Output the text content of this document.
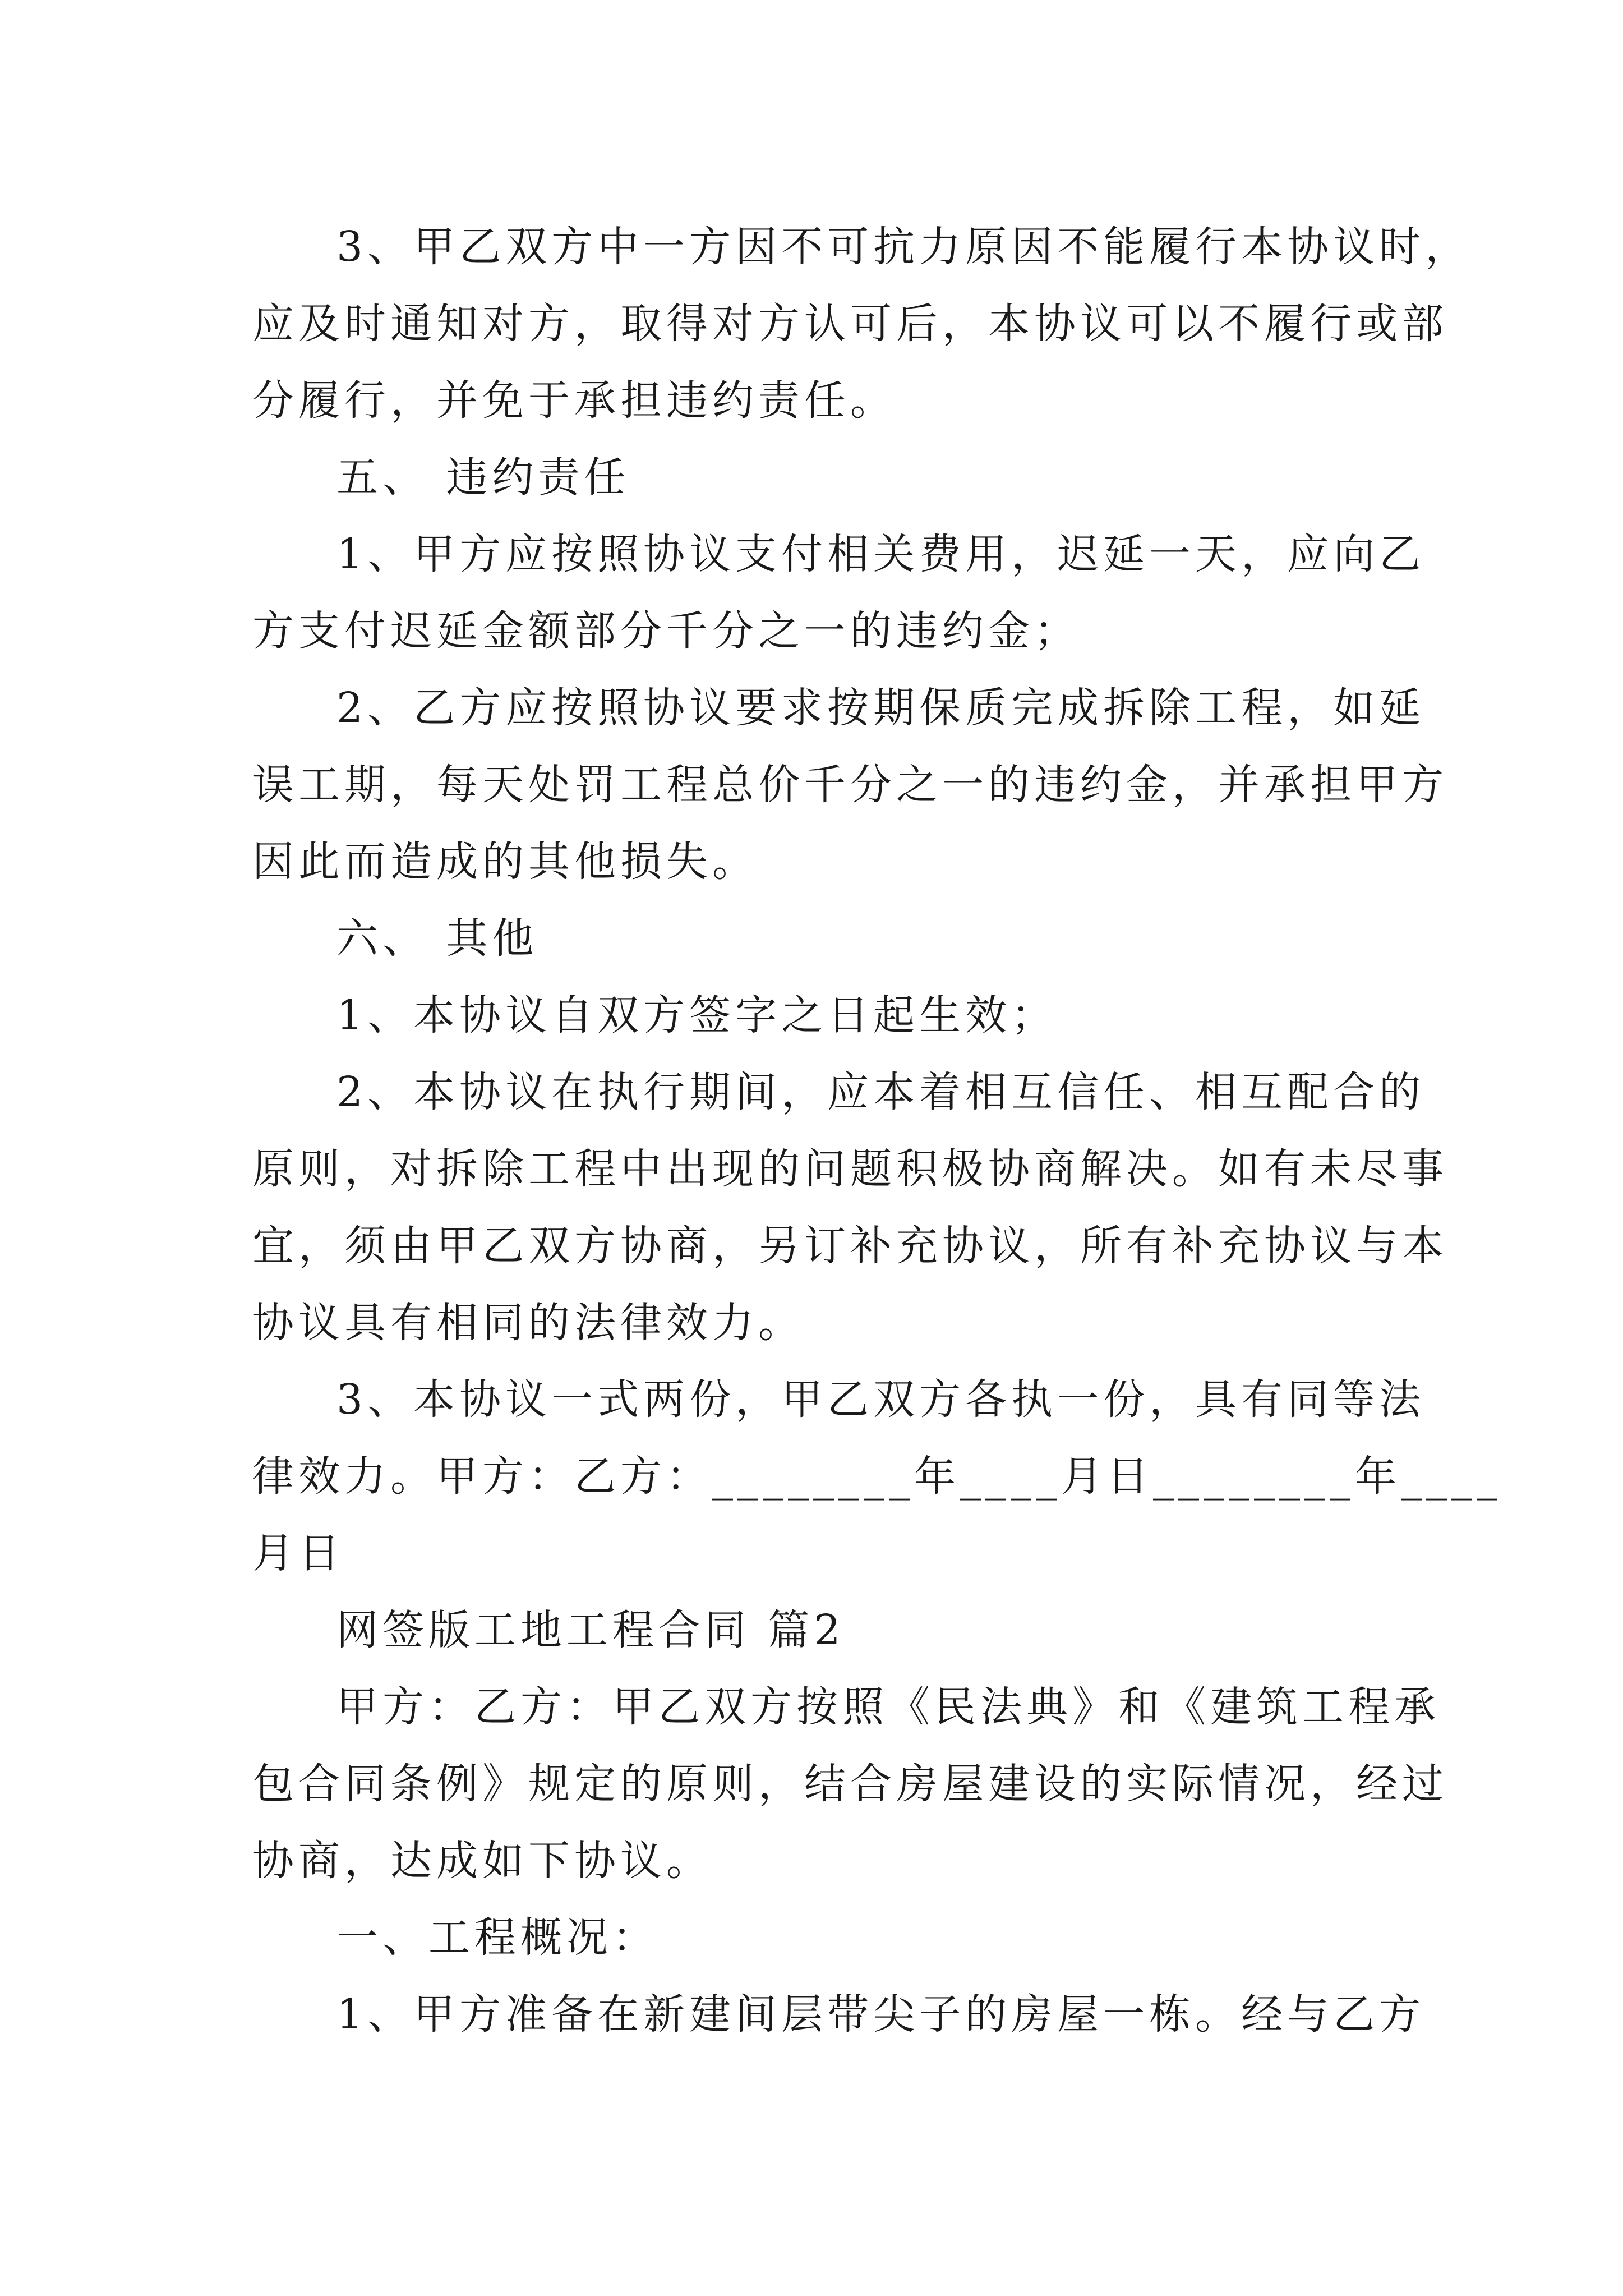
3、甲乙双方中一方因不可抗力原因不能履行本协议时，
应及时通知对方，取得对方认可后，本协议可以不履行或部
分履行，并免于承担违约责任。
五、 违约责任
1、甲方应按照协议支付相关费用，迟延一天，应向乙
方支付迟延金额部分千分之一的违约金；
2、乙方应按照协议要求按期保质完成拆除工程，如延
误工期，每天处罚工程总价千分之一的违约金，并承担甲方
因此而造成的其他损失。
六、 其他
1、本协议自双方签字之日起生效；
2、本协议在执行期间，应本着相互信任、相互配合的
原则，对拆除工程中出现的问题积极协商解决。如有未尽事
宜，须由甲乙双方协商，另订补充协议，所有补充协议与本
协议具有相同的法律效力。
3、本协议一式两份，甲乙双方各执一份，具有同等法
律效力。甲方：乙方：________年____月日________年____
月日
网签版工地工程合同 篇2
甲方：乙方：甲乙双方按照《民法典》和《建筑工程承
包合同条例》规定的原则，结合房屋建设的实际情况，经过
协商，达成如下协议。
一、工程概况：
1、甲方准备在新建间层带尖子的房屋一栋。经与乙方
